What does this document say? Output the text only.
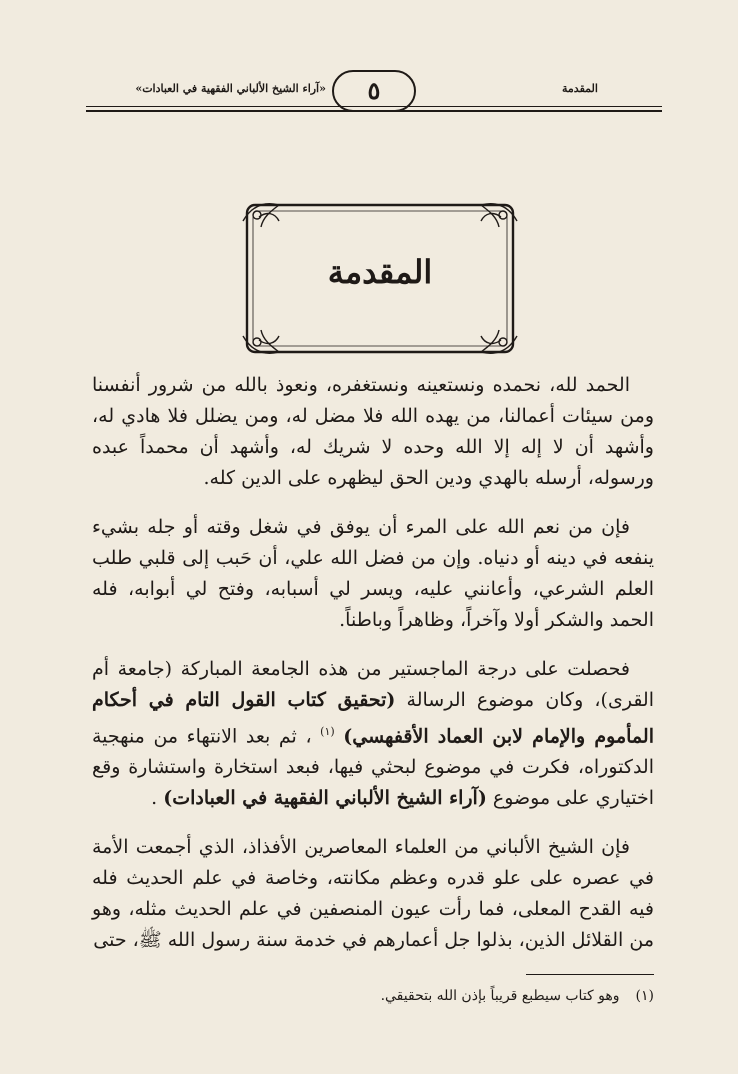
«آراء الشيخ الألباني الفقهية في العبادات»	٥	المقدمة
المقدمة

الحمد لله، نحمده ونستعينه ونستغفره، ونعوذ بالله من شرور أنفسنا ومن سيئات أعمالنا، من يهده الله فلا مضل له، ومن يضلل فلا هادي له، وأشهد أن لا إله إلا الله وحده لا شريك له، وأشهد أن محمداً عبده ورسوله، أرسله بالهدي ودين الحق ليظهره على الدين كله.

فإن من نعم الله على المرء أن يوفق في شغل وقته أو جله بشيء ينفعه في دينه أو دنياه. وإن من فضل الله علي، أن حَبب إلى قلبي طلب العلم الشرعي، وأعانني عليه، ويسر لي أسبابه، وفتح لي أبوابه، فله الحمد والشكر أولا وآخراً، وظاهراً وباطناً.

فحصلت على درجة الماجستير من هذه الجامعة المباركة (جامعة أم القرى)، وكان موضوع الرسالة (تحقيق كتاب القول التام في أحكام المأموم والإمام لابن العماد الأقفهسي) $^{(١)}$ ، ثم بعد الانتهاء من منهجية الدكتوراه، فكرت في موضوع لبحثي فيها، فبعد استخارة واستشارة وقع اختياري على موضوع (آراء الشيخ الألباني الفقهية في العبادات) .

فإن الشيخ الألباني من العلماء المعاصرين الأفذاذ، الذي أجمعت الأمة في عصره على علو قدره وعظم مكانته، وخاصة في علم الحديث فله فيه القدح المعلى، فما رأت عيون المنصفين في علم الحديث مثله، وهو من القلائل الذين، بذلوا جل أعمارهم في خدمة سنة رسول الله ﷺ، حتى

(١) وهو كتاب سيطبع قريباً بإذن الله بتحقيقي.
